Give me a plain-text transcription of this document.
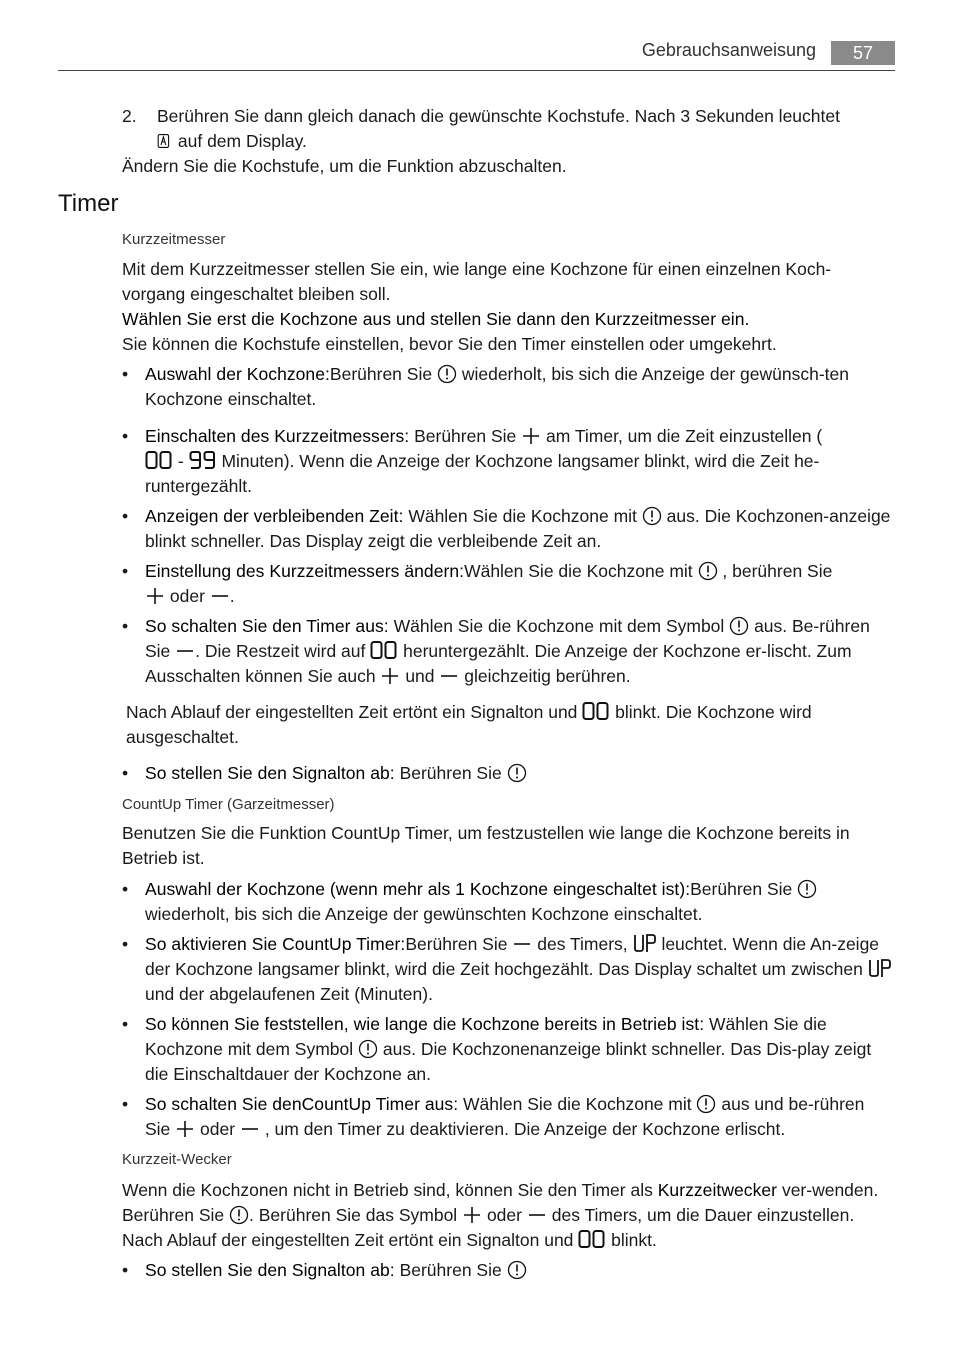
Gebrauchsanweisung	57
2. Berühren Sie dann gleich danach die gewünschte Kochstufe. Nach 3 Sekunden leuchtet
auf dem Display.
Ändern Sie die Kochstufe, um die Funktion abzuschalten.
Timer
Kurzzeitmesser
Mit dem Kurzzeitmesser stellen Sie ein, wie lange eine Kochzone für einen einzelnen Koch-vorgang eingeschaltet bleiben soll.
Wählen Sie erst die Kochzone aus und stellen Sie dann den Kurzzeitmesser ein.
Sie können die Kochstufe einstellen, bevor Sie den Timer einstellen oder umgekehrt.
• Auswahl der Kochzone:Berühren Sie wiederholt, bis sich die Anzeige der gewünsch-ten Kochzone einschaltet.
• Einschalten des Kurzzeitmessers: Berühren Sie am Timer, um die Zeit einzustellen (
- Minuten). Wenn die Anzeige der Kochzone langsamer blinkt, wird die Zeit he-runtergezählt.
• Anzeigen der verbleibenden Zeit: Wählen Sie die Kochzone mit aus. Die Kochzonen-anzeige blinkt schneller. Das Display zeigt die verbleibende Zeit an.
• Einstellung des Kurzzeitmessers ändern:Wählen Sie die Kochzone mit , berühren Sie
oder .
• So schalten Sie den Timer aus: Wählen Sie die Kochzone mit dem Symbol aus. Be-rühren Sie . Die Restzeit wird auf heruntergezählt. Die Anzeige der Kochzone er-lischt. Zum Ausschalten können Sie auch und gleichzeitig berühren.
Nach Ablauf der eingestellten Zeit ertönt ein Signalton und blinkt. Die Kochzone wird ausgeschaltet.
• So stellen Sie den Signalton ab: Berühren Sie
CountUp Timer (Garzeitmesser)
Benutzen Sie die Funktion CountUp Timer, um festzustellen wie lange die Kochzone bereits in Betrieb ist.
• Auswahl der Kochzone (wenn mehr als 1 Kochzone eingeschaltet ist):Berühren Sie  wiederholt, bis sich die Anzeige der gewünschten Kochzone einschaltet.
• So aktivieren Sie CountUp Timer:Berühren Sie des Timers, leuchtet. Wenn die An-zeige der Kochzone langsamer blinkt, wird die Zeit hochgezählt. Das Display schaltet um zwischen  und der abgelaufenen Zeit (Minuten).
• So können Sie feststellen, wie lange die Kochzone bereits in Betrieb ist: Wählen Sie die Kochzone mit dem Symbol aus. Die Kochzonenanzeige blinkt schneller. Das Dis-play zeigt die Einschaltdauer der Kochzone an.
• So schalten Sie denCountUp Timer aus: Wählen Sie die Kochzone mit aus und be-rühren Sie oder , um den Timer zu deaktivieren. Die Anzeige der Kochzone erlischt.
Kurzzeit-Wecker
Wenn die Kochzonen nicht in Betrieb sind, können Sie den Timer als Kurzzeitwecker ver-wenden. Berühren Sie . Berühren Sie das Symbol oder des Timers, um die Dauer einzustellen. Nach Ablauf der eingestellten Zeit ertönt ein Signalton und blinkt.
• So stellen Sie den Signalton ab: Berühren Sie
